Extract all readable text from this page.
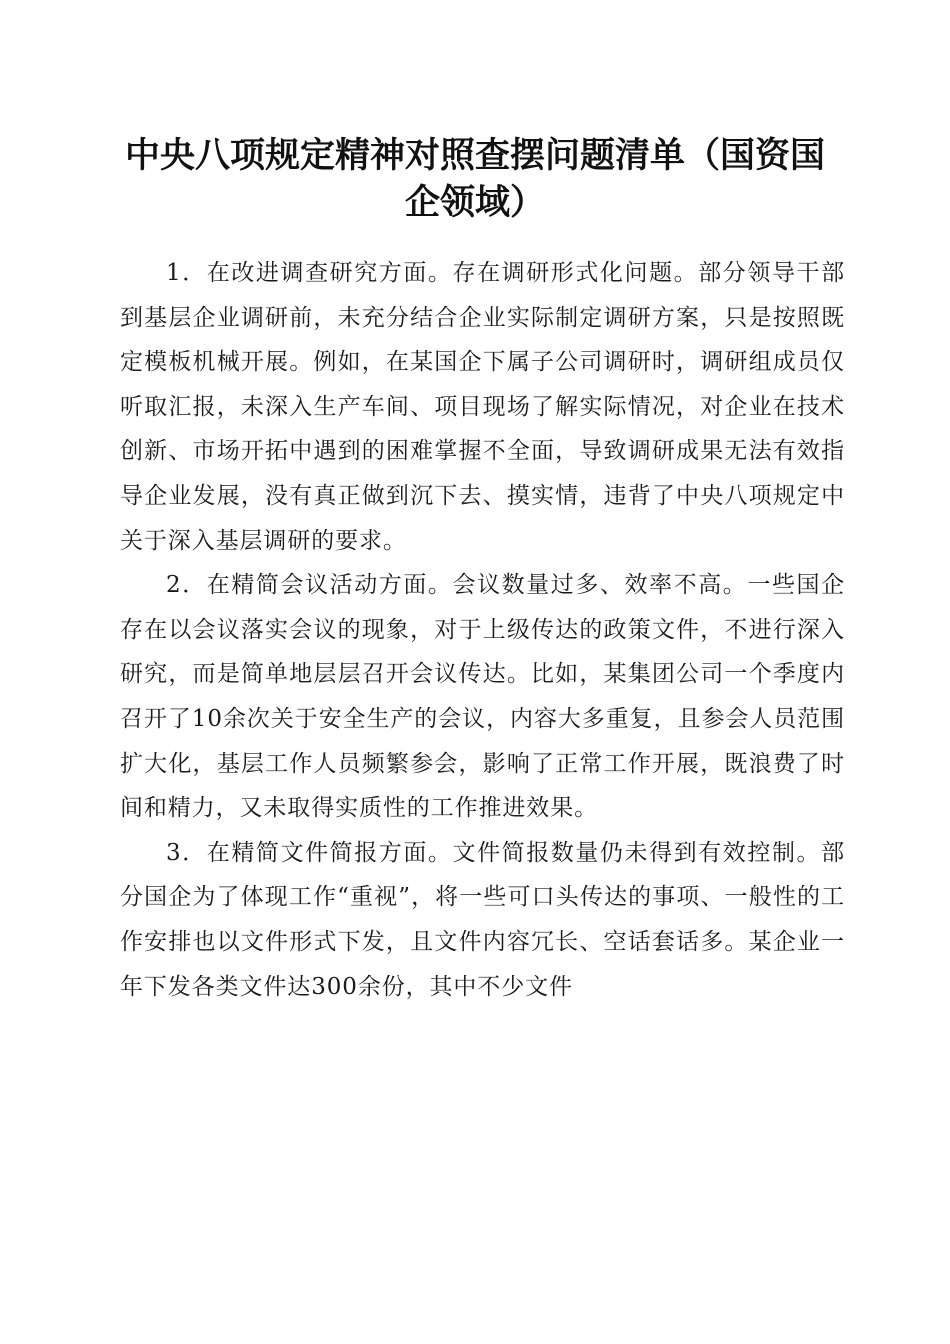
中央八项规定精神对照查摆问题清单（国资国企领域）

1．在改进调查研究方面。存在调研形式化问题。部分领导干部到基层企业调研前，未充分结合企业实际制定调研方案，只是按照既定模板机械开展。例如，在某国企下属子公司调研时，调研组成员仅听取汇报，未深入生产车间、项目现场了解实际情况，对企业在技术创新、市场开拓中遇到的困难掌握不全面，导致调研成果无法有效指导企业发展，没有真正做到沉下去、摸实情，违背了中央八项规定中关于深入基层调研的要求。

2．在精简会议活动方面。会议数量过多、效率不高。一些国企存在以会议落实会议的现象，对于上级传达的政策文件，不进行深入研究，而是简单地层层召开会议传达。比如，某集团公司一个季度内召开了10余次关于安全生产的会议，内容大多重复，且参会人员范围扩大化，基层工作人员频繁参会，影响了正常工作开展，既浪费了时间和精力，又未取得实质性的工作推进效果。

3．在精简文件简报方面。文件简报数量仍未得到有效控制。部分国企为了体现工作“重视”，将一些可口头传达的事项、一般性的工作安排也以文件形式下发，且文件内容冗长、空话套话多。某企业一年下发各类文件达300余份，其中不少文件
